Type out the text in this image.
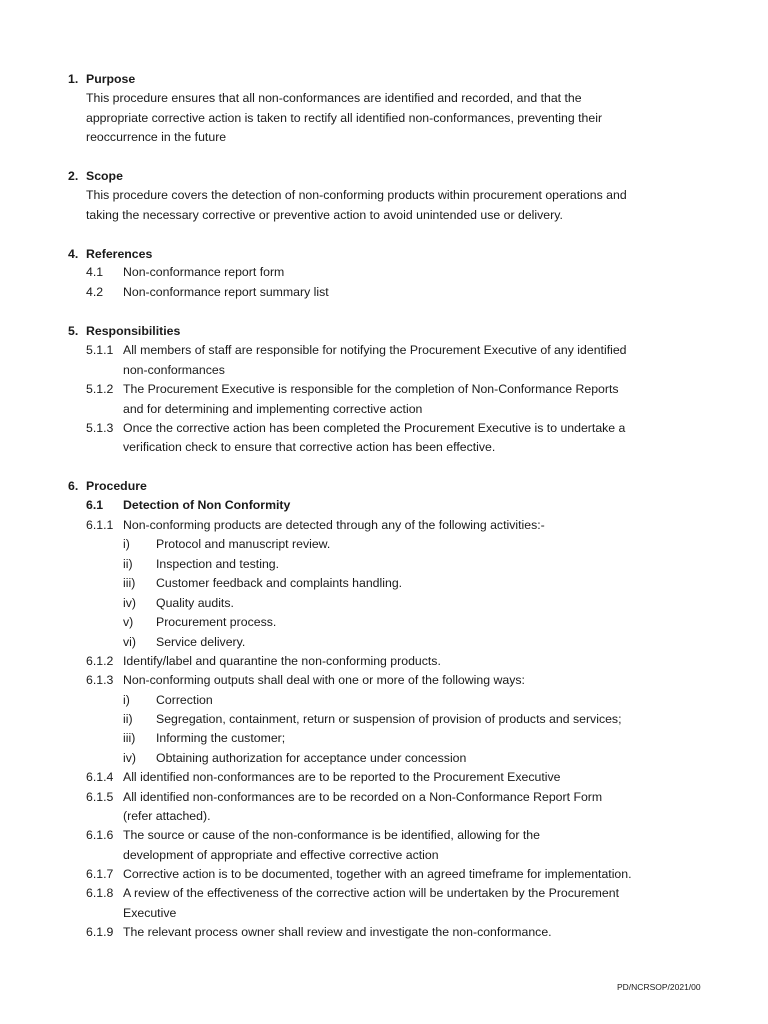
1. Purpose
This procedure ensures that all non-conformances are identified and recorded, and that the
appropriate corrective action is taken to rectify all identified non-conformances, preventing their
reoccurrence in the future
2. Scope
This procedure covers the detection of non-conforming products within procurement operations and
taking the necessary corrective or preventive action to avoid unintended use or delivery.
4. References
4.1 Non-conformance report form
4.2 Non-conformance report summary list
5. Responsibilities
5.1.1 All members of staff are responsible for notifying the Procurement Executive of any identified
non-conformances
5.1.2 The Procurement Executive is responsible for the completion of Non-Conformance Reports
and for determining and implementing corrective action
5.1.3 Once the corrective action has been completed the Procurement Executive is to undertake a
verification check to ensure that corrective action has been effective.
6. Procedure
6.1 Detection of Non Conformity
6.1.1 Non-conforming products are detected through any of the following activities:-
i) Protocol and manuscript review.
ii) Inspection and testing.
iii) Customer feedback and complaints handling.
iv) Quality audits.
v) Procurement process.
vi) Service delivery.
6.1.2 Identify/label and quarantine the non-conforming products.
6.1.3 Non-conforming outputs shall deal with one or more of the following ways:
i) Correction
ii) Segregation, containment, return or suspension of provision of products and services;
iii) Informing the customer;
iv) Obtaining authorization for acceptance under concession
6.1.4 All identified non-conformances are to be reported to the Procurement Executive
6.1.5 All identified non-conformances are to be recorded on a Non-Conformance Report Form
(refer attached).
6.1.6 The source or cause of the non-conformance is be identified, allowing for the
development of appropriate and effective corrective action
6.1.7 Corrective action is to be documented, together with an agreed timeframe for implementation.
6.1.8 A review of the effectiveness of the corrective action will be undertaken by the Procurement
Executive
6.1.9 The relevant process owner shall review and investigate the non-conformance.
PD/NCRSOP/2021/00
